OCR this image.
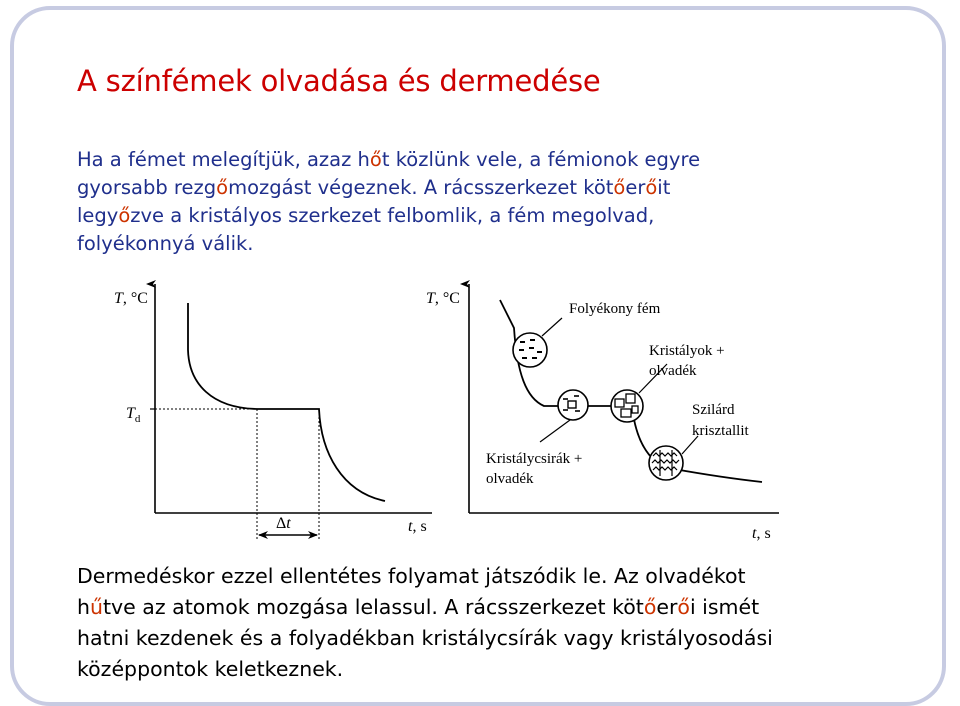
A színfémek olvadása és dermedése
Ha a fémet melegítjük, azaz hőt közlünk vele, a fémionok egyre
gyorsabb rezgőmozgást végeznek. A rácsszerkezet kötőerőit
legyőzve a kristályos szerkezet felbomlik, a fém megolvad,
folyékonnyá válik.
T, °C
$T_d$
Δt	t, s
T, °C
t, s
Folyékony fém
Kristálycsirák +
olvadék
Kristályok +
olvadék
Szilárd
krisztallit
Dermedéskor ezzel ellentétes folyamat játszódik le. Az olvadékot
hűtve az atomok mozgása lelassul. A rácsszerkezet kötőerői ismét
hatni kezdenek és a folyadékban kristálycsírák vagy kristályosodási
középpontok keletkeznek.
